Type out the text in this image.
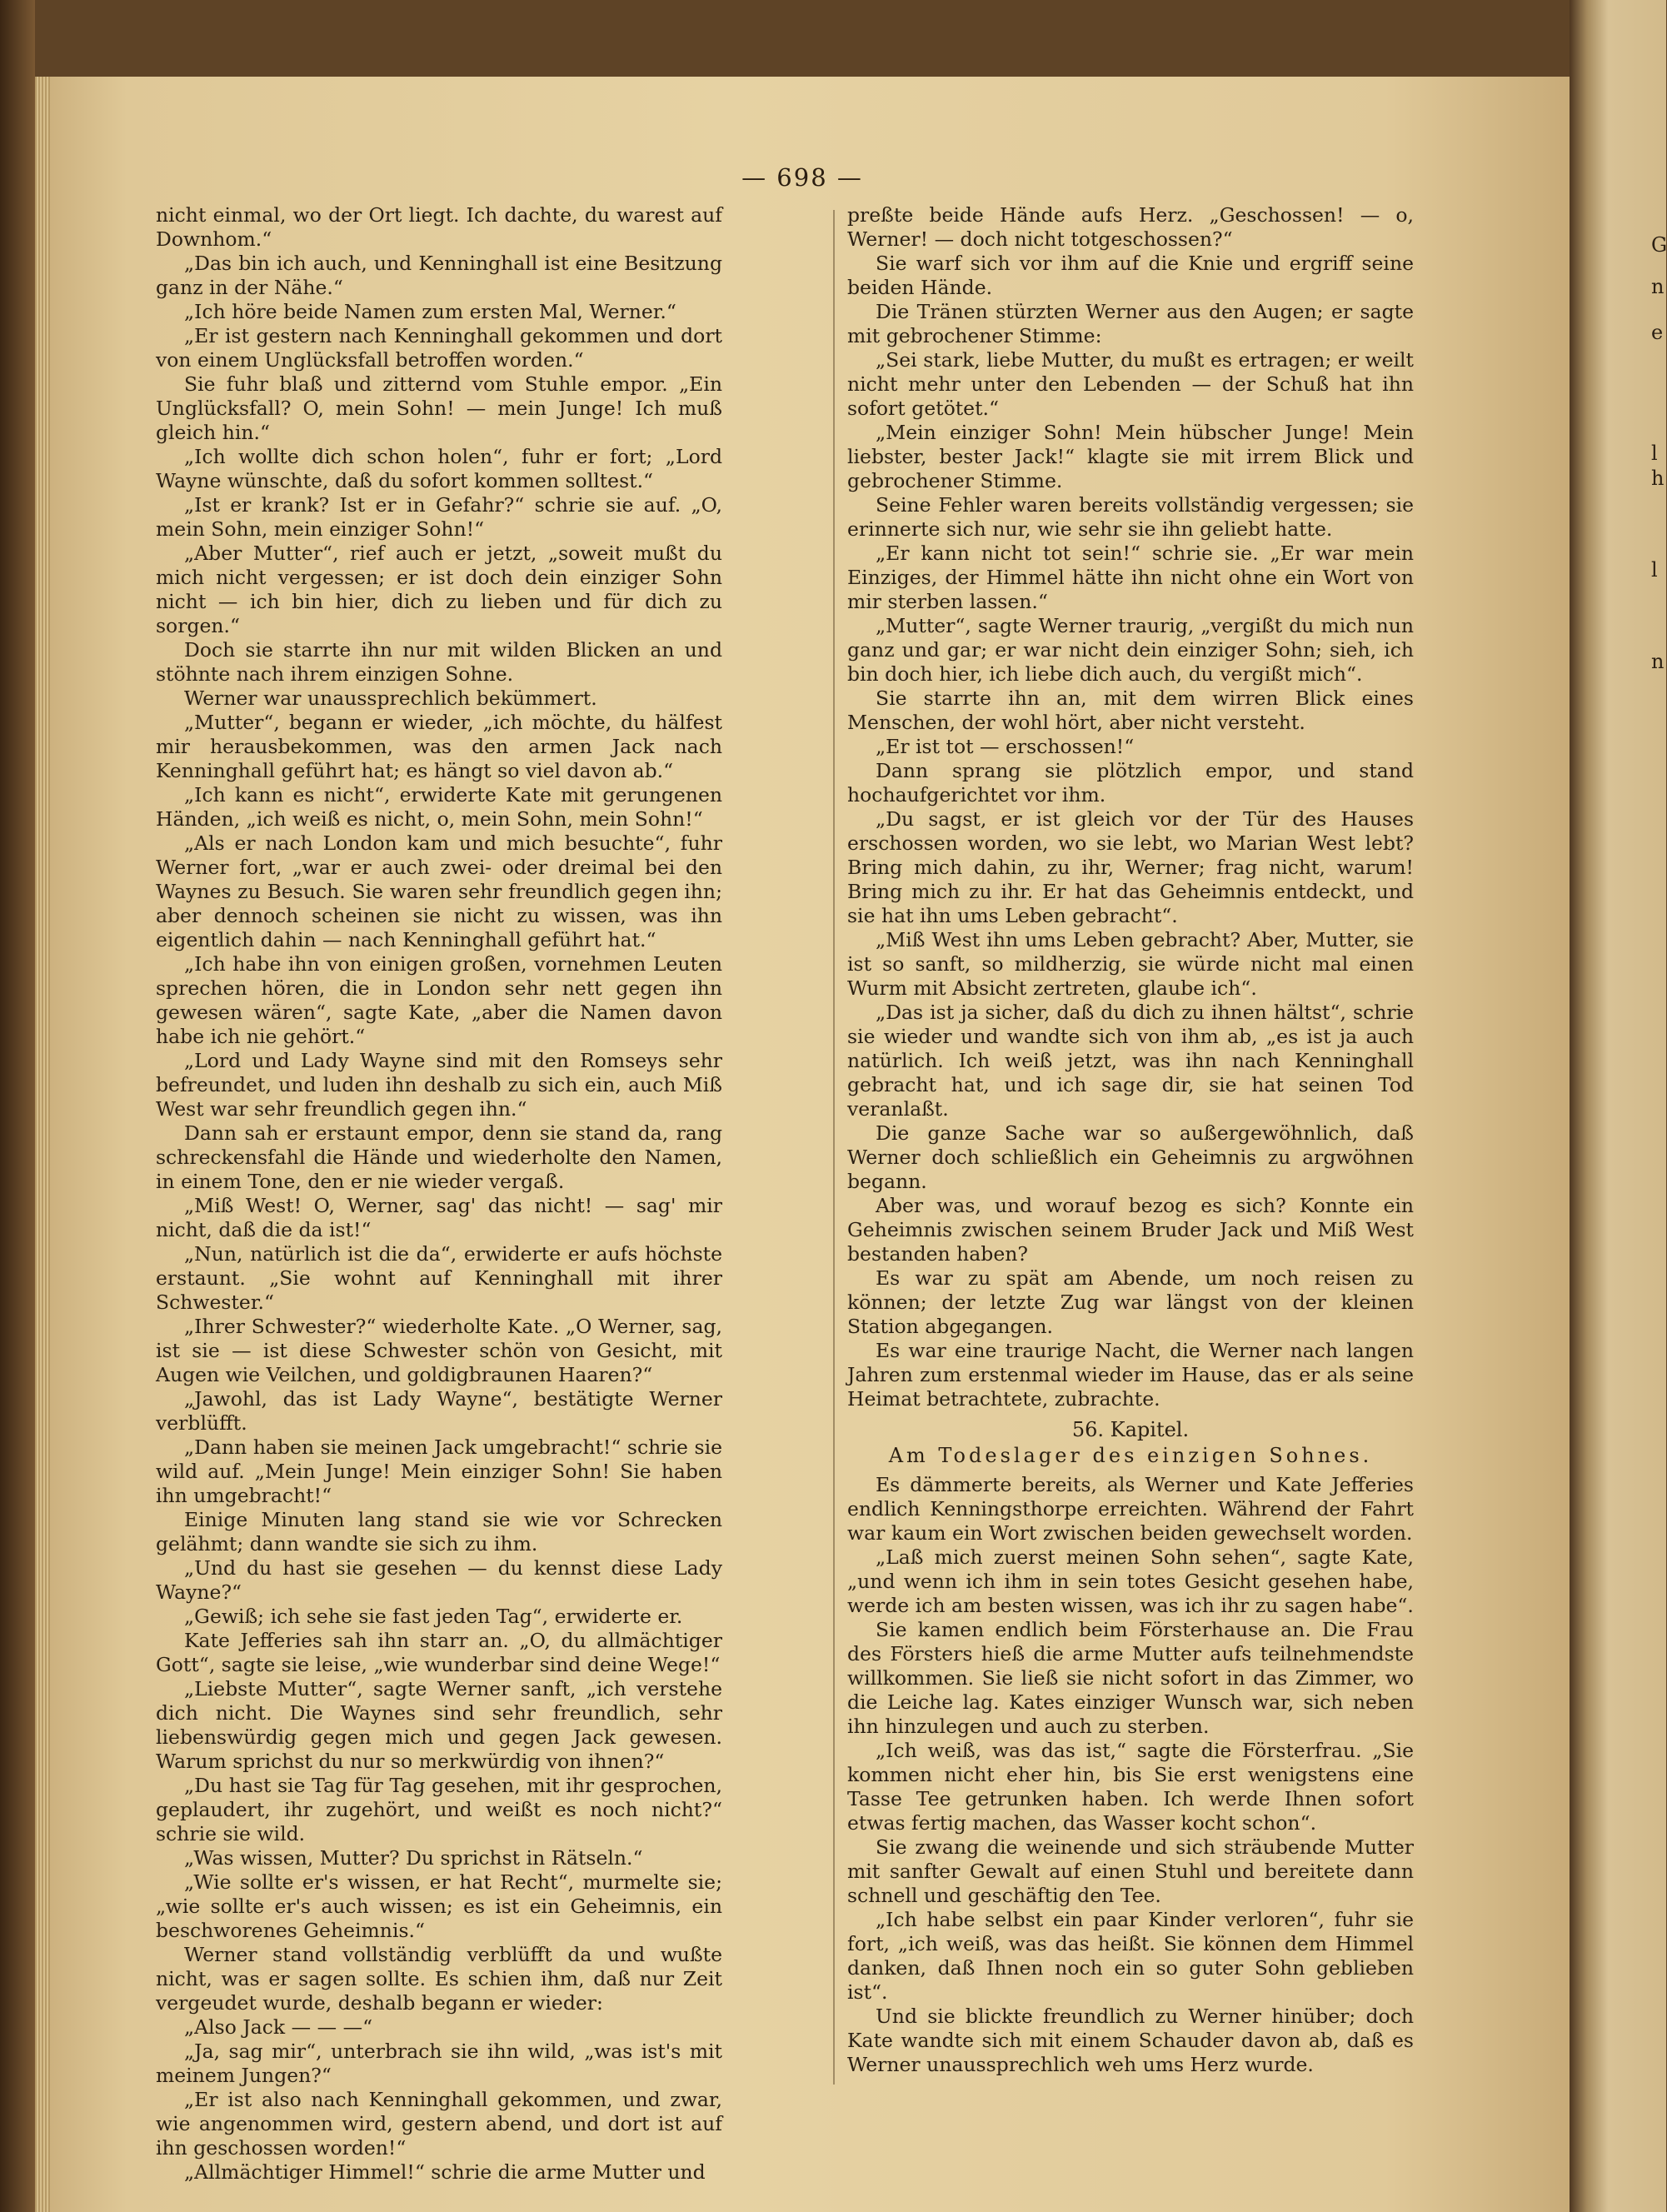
— 698 —

nicht einmal, wo der Ort liegt. Ich dachte, du warest auf Downhom.“

„Das bin ich auch, und Kenninghall ist eine Besitzung ganz in der Nähe.“

„Ich höre beide Namen zum ersten Mal, Werner.“

„Er ist gestern nach Kenninghall gekommen und dort von einem Unglücksfall betroffen worden.“

Sie fuhr blaß und zitternd vom Stuhle empor. „Ein Unglücksfall? O, mein Sohn! — mein Junge! Ich muß gleich hin.“

„Ich wollte dich schon holen“, fuhr er fort; „Lord Wayne wünschte, daß du sofort kommen solltest.“

„Ist er krank? Ist er in Gefahr?“ schrie sie auf. „O, mein Sohn, mein einziger Sohn!“

„Aber Mutter“, rief auch er jetzt, „soweit mußt du mich nicht vergessen; er ist doch dein einziger Sohn nicht — ich bin hier, dich zu lieben und für dich zu sorgen.“

Doch sie starrte ihn nur mit wilden Blicken an und stöhnte nach ihrem einzigen Sohne.

Werner war unaussprechlich bekümmert.

„Mutter“, begann er wieder, „ich möchte, du hälfest mir herausbekommen, was den armen Jack nach Kenninghall geführt hat; es hängt so viel davon ab.“

„Ich kann es nicht“, erwiderte Kate mit gerungenen Händen, „ich weiß es nicht, o, mein Sohn, mein Sohn!“

„Als er nach London kam und mich besuchte“, fuhr Werner fort, „war er auch zwei- oder dreimal bei den Waynes zu Besuch. Sie waren sehr freundlich gegen ihn; aber dennoch scheinen sie nicht zu wissen, was ihn eigentlich dahin — nach Kenninghall geführt hat.“

„Ich habe ihn von einigen großen, vornehmen Leuten sprechen hören, die in London sehr nett gegen ihn gewesen wären“, sagte Kate, „aber die Namen davon habe ich nie gehört.“

„Lord und Lady Wayne sind mit den Romseys sehr befreundet, und luden ihn deshalb zu sich ein, auch Miß West war sehr freundlich gegen ihn.“

Dann sah er erstaunt empor, denn sie stand da, rang schreckensfahl die Hände und wiederholte den Namen, in einem Tone, den er nie wieder vergaß.

„Miß West! O, Werner, sag' das nicht! — sag' mir nicht, daß die da ist!“

„Nun, natürlich ist die da“, erwiderte er aufs höchste erstaunt. „Sie wohnt auf Kenninghall mit ihrer Schwester.“

„Ihrer Schwester?“ wiederholte Kate. „O Werner, sag, ist sie — ist diese Schwester schön von Gesicht, mit Augen wie Veilchen, und goldigbraunen Haaren?“

„Jawohl, das ist Lady Wayne“, bestätigte Werner verblüfft.

„Dann haben sie meinen Jack umgebracht!“ schrie sie wild auf. „Mein Junge! Mein einziger Sohn! Sie haben ihn umgebracht!“

Einige Minuten lang stand sie wie vor Schrecken gelähmt; dann wandte sie sich zu ihm.

„Und du hast sie gesehen — du kennst diese Lady Wayne?“

„Gewiß; ich sehe sie fast jeden Tag“, erwiderte er.

Kate Jefferies sah ihn starr an. „O, du allmächtiger Gott“, sagte sie leise, „wie wunderbar sind deine Wege!“

„Liebste Mutter“, sagte Werner sanft, „ich verstehe dich nicht. Die Waynes sind sehr freundlich, sehr liebenswürdig gegen mich und gegen Jack gewesen. Warum sprichst du nur so merkwürdig von ihnen?“

„Du hast sie Tag für Tag gesehen, mit ihr gesprochen, geplaudert, ihr zugehört, und weißt es noch nicht?“ schrie sie wild.

„Was wissen, Mutter? Du sprichst in Rätseln.“

„Wie sollte er's wissen, er hat Recht“, murmelte sie; „wie sollte er's auch wissen; es ist ein Geheimnis, ein beschworenes Geheimnis.“

Werner stand vollständig verblüfft da und wußte nicht, was er sagen sollte. Es schien ihm, daß nur Zeit vergeudet wurde, deshalb begann er wieder:

„Also Jack — — —“

„Ja, sag mir“, unterbrach sie ihn wild, „was ist's mit meinem Jungen?“

„Er ist also nach Kenninghall gekommen, und zwar, wie angenommen wird, gestern abend, und dort ist auf ihn geschossen worden!“

„Allmächtiger Himmel!“ schrie die arme Mutter und

preßte beide Hände aufs Herz. „Geschossen! — o, Werner! — doch nicht totgeschossen?“

Sie warf sich vor ihm auf die Knie und ergriff seine beiden Hände.

Die Tränen stürzten Werner aus den Augen; er sagte mit gebrochener Stimme:

„Sei stark, liebe Mutter, du mußt es ertragen; er weilt nicht mehr unter den Lebenden — der Schuß hat ihn sofort getötet.“

„Mein einziger Sohn! Mein hübscher Junge! Mein liebster, bester Jack!“ klagte sie mit irrem Blick und gebrochener Stimme.

Seine Fehler waren bereits vollständig vergessen; sie erinnerte sich nur, wie sehr sie ihn geliebt hatte.

„Er kann nicht tot sein!“ schrie sie. „Er war mein Einziges, der Himmel hätte ihn nicht ohne ein Wort von mir sterben lassen.“

„Mutter“, sagte Werner traurig, „vergißt du mich nun ganz und gar; er war nicht dein einziger Sohn; sieh, ich bin doch hier, ich liebe dich auch, du vergißt mich“.

Sie starrte ihn an, mit dem wirren Blick eines Menschen, der wohl hört, aber nicht versteht.

„Er ist tot — erschossen!“

Dann sprang sie plötzlich empor, und stand hochaufgerichtet vor ihm.

„Du sagst, er ist gleich vor der Tür des Hauses erschossen worden, wo sie lebt, wo Marian West lebt? Bring mich dahin, zu ihr, Werner; frag nicht, warum! Bring mich zu ihr. Er hat das Geheimnis entdeckt, und sie hat ihn ums Leben gebracht“.

„Miß West ihn ums Leben gebracht? Aber, Mutter, sie ist so sanft, so mildherzig, sie würde nicht mal einen Wurm mit Absicht zertreten, glaube ich“.

„Das ist ja sicher, daß du dich zu ihnen hältst“, schrie sie wieder und wandte sich von ihm ab, „es ist ja auch natürlich. Ich weiß jetzt, was ihn nach Kenninghall gebracht hat, und ich sage dir, sie hat seinen Tod veranlaßt.

Die ganze Sache war so außergewöhnlich, daß Werner doch schließlich ein Geheimnis zu argwöhnen begann.

Aber was, und worauf bezog es sich? Konnte ein Geheimnis zwischen seinem Bruder Jack und Miß West bestanden haben?

Es war zu spät am Abende, um noch reisen zu können; der letzte Zug war längst von der kleinen Station abgegangen.

Es war eine traurige Nacht, die Werner nach langen Jahren zum erstenmal wieder im Hause, das er als seine Heimat betrachtete, zubrachte.

56. Kapitel.
Am Todeslager des einzigen Sohnes.

Es dämmerte bereits, als Werner und Kate Jefferies endlich Kenningsthorpe erreichten. Während der Fahrt war kaum ein Wort zwischen beiden gewechselt worden.

„Laß mich zuerst meinen Sohn sehen“, sagte Kate, „und wenn ich ihm in sein totes Gesicht gesehen habe, werde ich am besten wissen, was ich ihr zu sagen habe“.

Sie kamen endlich beim Försterhause an. Die Frau des Försters hieß die arme Mutter aufs teilnehmendste willkommen. Sie ließ sie nicht sofort in das Zimmer, wo die Leiche lag. Kates einziger Wunsch war, sich neben ihn hinzulegen und auch zu sterben.

„Ich weiß, was das ist,“ sagte die Försterfrau. „Sie kommen nicht eher hin, bis Sie erst wenigstens eine Tasse Tee getrunken haben. Ich werde Ihnen sofort etwas fertig machen, das Wasser kocht schon“.

Sie zwang die weinende und sich sträubende Mutter mit sanfter Gewalt auf einen Stuhl und bereitete dann schnell und geschäftig den Tee.

„Ich habe selbst ein paar Kinder verloren“, fuhr sie fort, „ich weiß, was das heißt. Sie können dem Himmel danken, daß Ihnen noch ein so guter Sohn geblieben ist“.

Und sie blickte freundlich zu Werner hinüber; doch Kate wandte sich mit einem Schauder davon ab, daß es Werner unaussprechlich weh ums Herz wurde.

G
n
e
l
h
l
n
